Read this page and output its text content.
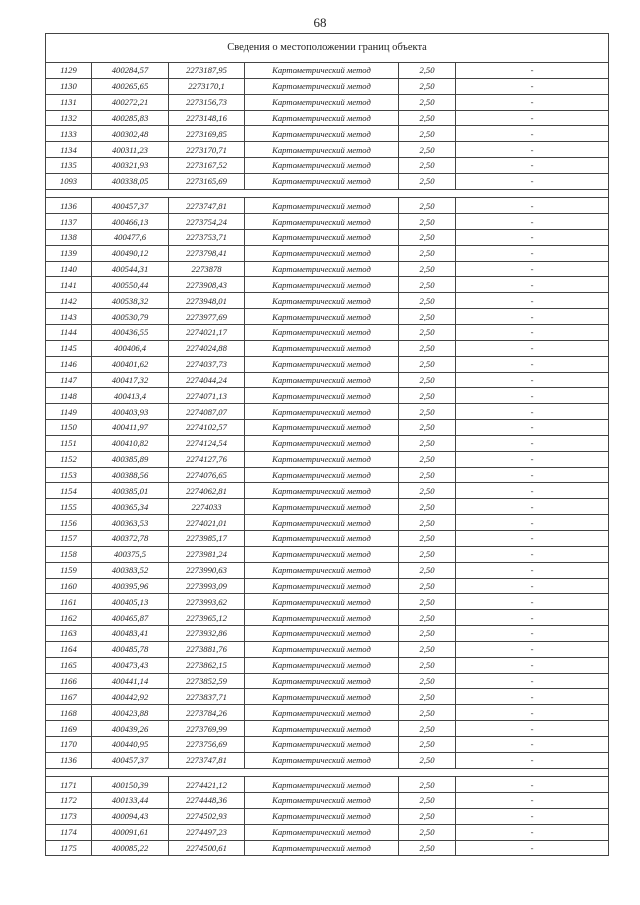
68
Сведения о местоположении границ объекта					
1129	400284,57	2273187,95	Картометрический метод	2,50	-
1130	400265,65	2273170,1	Картометрический метод	2,50	-
1131	400272,21	2273156,73	Картометрический метод	2,50	-
1132	400285,83	2273148,16	Картометрический метод	2,50	-
1133	400302,48	2273169,85	Картометрический метод	2,50	-
1134	400311,23	2273170,71	Картометрический метод	2,50	-
1135	400321,93	2273167,52	Картометрический метод	2,50	-
1093	400338,05	2273165,69	Картометрический метод	2,50	-

1136	400457,37	2273747,81	Картометрический метод	2,50	-
1137	400466,13	2273754,24	Картометрический метод	2,50	-
1138	400477,6	2273753,71	Картометрический метод	2,50	-
1139	400490,12	2273798,41	Картометрический метод	2,50	-
1140	400544,31	2273878	Картометрический метод	2,50	-
1141	400550,44	2273908,43	Картометрический метод	2,50	-
1142	400538,32	2273948,01	Картометрический метод	2,50	-
1143	400530,79	2273977,69	Картометрический метод	2,50	-
1144	400436,55	2274021,17	Картометрический метод	2,50	-
1145	400406,4	2274024,88	Картометрический метод	2,50	-
1146	400401,62	2274037,73	Картометрический метод	2,50	-
1147	400417,32	2274044,24	Картометрический метод	2,50	-
1148	400413,4	2274071,13	Картометрический метод	2,50	-
1149	400403,93	2274087,07	Картометрический метод	2,50	-
1150	400411,97	2274102,57	Картометрический метод	2,50	-
1151	400410,82	2274124,54	Картометрический метод	2,50	-
1152	400385,89	2274127,76	Картометрический метод	2,50	-
1153	400388,56	2274076,65	Картометрический метод	2,50	-
1154	400385,01	2274062,81	Картометрический метод	2,50	-
1155	400365,34	2274033	Картометрический метод	2,50	-
1156	400363,53	2274021,01	Картометрический метод	2,50	-
1157	400372,78	2273985,17	Картометрический метод	2,50	-
1158	400375,5	2273981,24	Картометрический метод	2,50	-
1159	400383,52	2273990,63	Картометрический метод	2,50	-
1160	400395,96	2273993,09	Картометрический метод	2,50	-
1161	400405,13	2273993,62	Картометрический метод	2,50	-
1162	400465,87	2273965,12	Картометрический метод	2,50	-
1163	400483,41	2273932,86	Картометрический метод	2,50	-
1164	400485,78	2273881,76	Картометрический метод	2,50	-
1165	400473,43	2273862,15	Картометрический метод	2,50	-
1166	400441,14	2273852,59	Картометрический метод	2,50	-
1167	400442,92	2273837,71	Картометрический метод	2,50	-
1168	400423,88	2273784,26	Картометрический метод	2,50	-
1169	400439,26	2273769,99	Картометрический метод	2,50	-
1170	400440,95	2273756,69	Картометрический метод	2,50	-
1136	400457,37	2273747,81	Картометрический метод	2,50	-

1171	400150,39	2274421,12	Картометрический метод	2,50	-
1172	400133,44	2274448,36	Картометрический метод	2,50	-
1173	400094,43	2274502,93	Картометрический метод	2,50	-
1174	400091,61	2274497,23	Картометрический метод	2,50	-
1175	400085,22	2274500,61	Картометрический метод	2,50	-
